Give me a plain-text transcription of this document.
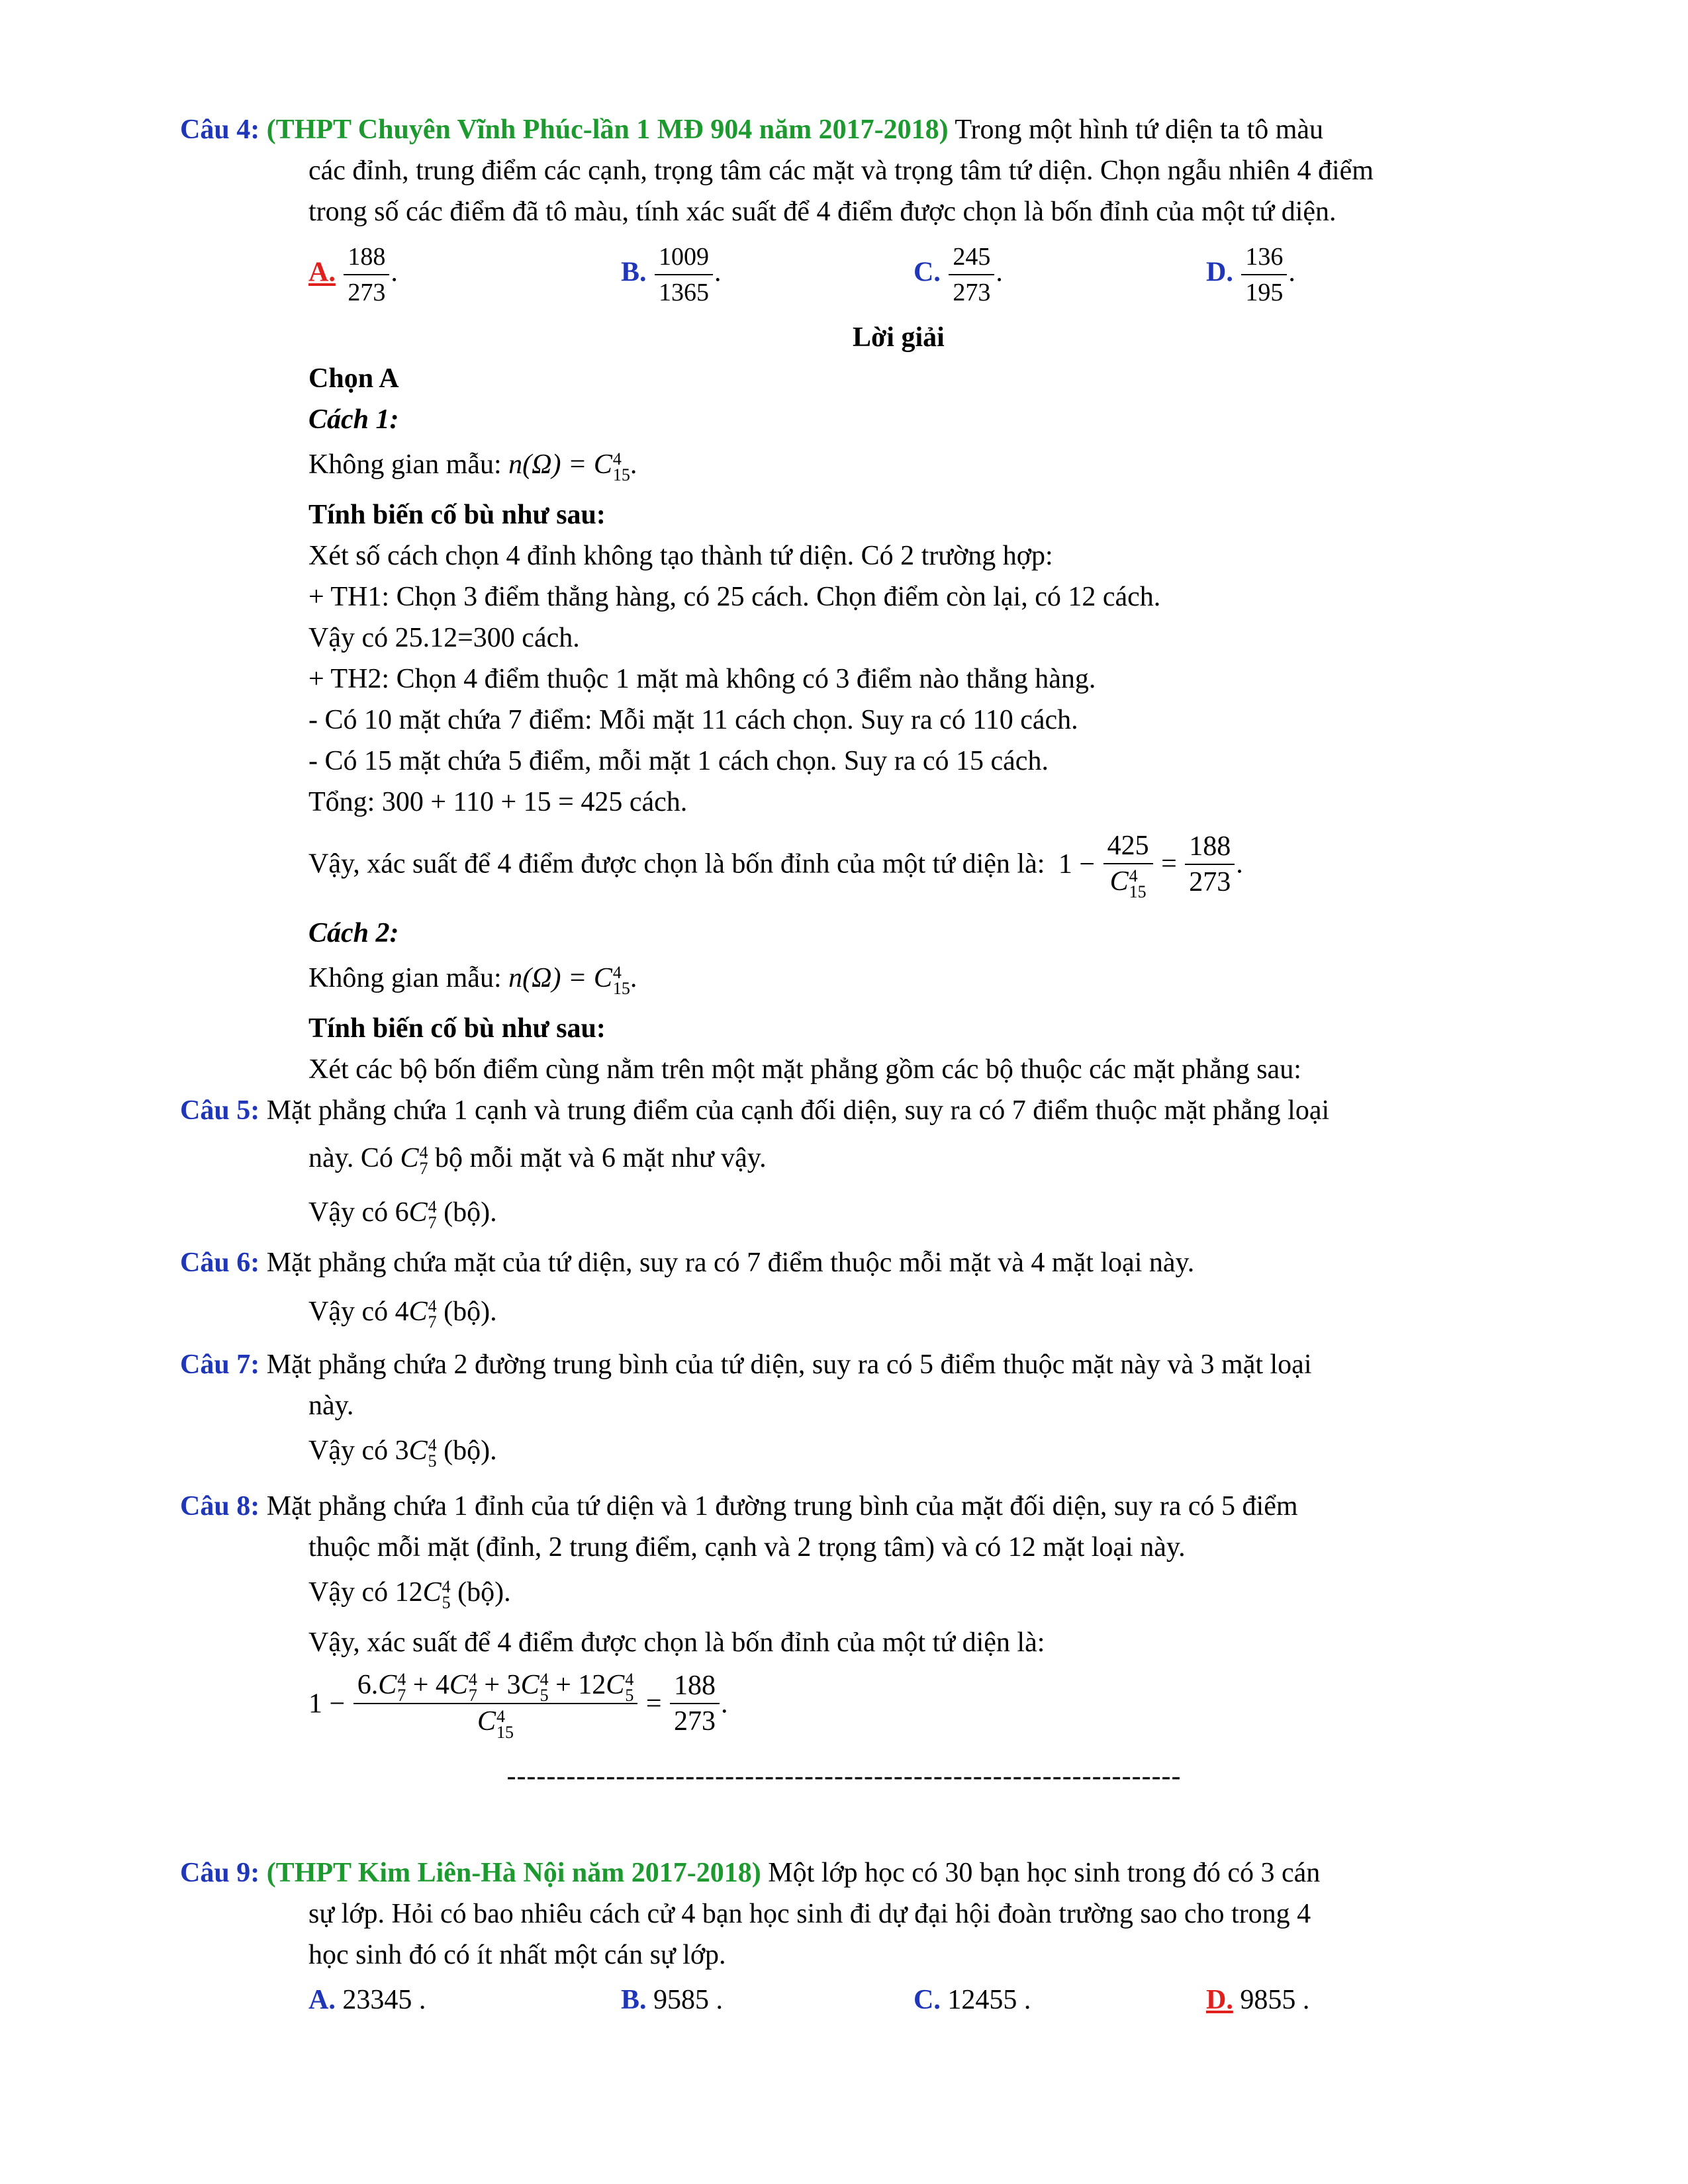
Câu 4: (THPT Chuyên Vĩnh Phúc-lần 1 MĐ 904 năm 2017-2018) Trong một hình tứ diện ta tô màu
các đỉnh, trung điểm các cạnh, trọng tâm các mặt và trọng tâm tứ diện. Chọn ngẫu nhiên 4 điểm
trong số các điểm đã tô màu, tính xác suất để 4 điểm được chọn là bốn đỉnh của một tứ diện.
A. $\frac{188}{273}$ .	B. $\frac{1009}{1365}$ .	C. $\frac{245}{273}$ .	D. $\frac{136}{195}$ .
Lời giải
Chọn A
Cách 1:
Không gian mẫu: n(Ω) = C 4
15 .
Tính biến cố bù như sau:
Xét số cách chọn 4 đỉnh không tạo thành tứ diện. Có 2 trường hợp:
+ TH1: Chọn 3 điểm thẳng hàng, có 25 cách. Chọn điểm còn lại, có 12 cách.
Vậy có 25.12=300 cách.
+ TH2: Chọn 4 điểm thuộc 1 mặt mà không có 3 điểm nào thẳng hàng.
- Có 10 mặt chứa 7 điểm: Mỗi mặt 11 cách chọn. Suy ra có 110 cách.
- Có 15 mặt chứa 5 điểm, mỗi mặt 1 cách chọn. Suy ra có 15 cách.
Tổng: 300 + 110 + 15 = 425 cách.
Vậy, xác suất để 4 điểm được chọn là bốn đỉnh của một tứ diện là: 1 − 425
C 4
$15 = \frac{188}{273}$ .
Cách 2:
Không gian mẫu: n(Ω) = C 4
15 .
Tính biến cố bù như sau:
Xét các bộ bốn điểm cùng nằm trên một mặt phẳng gồm các bộ thuộc các mặt phẳng sau:
Câu 5: Mặt phẳng chứa 1 cạnh và trung điểm của cạnh đối diện, suy ra có 7 điểm thuộc mặt phẳng loại
này. Có C 4
7 bộ mỗi mặt và 6 mặt như vậy.
Vậy có 6C 4
7 (bộ).
Câu 6: Mặt phẳng chứa mặt của tứ diện, suy ra có 7 điểm thuộc mỗi mặt và 4 mặt loại này.
Vậy có 4C 4
7 (bộ).
Câu 7: Mặt phẳng chứa 2 đường trung bình của tứ diện, suy ra có 5 điểm thuộc mặt này và 3 mặt loại
này.
Vậy có 3C 4
5 (bộ).
Câu 8: Mặt phẳng chứa 1 đỉnh của tứ diện và 1 đường trung bình của mặt đối diện, suy ra có 5 điểm
thuộc mỗi mặt (đỉnh, 2 trung điểm, cạnh và 2 trọng tâm) và có 12 mặt loại này.
Vậy có 12C 4
5 (bộ).
Vậy, xác suất để 4 điểm được chọn là bốn đỉnh của một tứ diện là:
1 −
6.C 4
7 + 4C 4
7 + 3C 4
5 + 12C 4
5
C 4
15
= $\frac{188}{273}$ .
--------------------------------------------------------------------
Câu 9: (THPT Kim Liên-Hà Nội năm 2017-2018) Một lớp học có 30 bạn học sinh trong đó có 3 cán
sự lớp. Hỏi có bao nhiêu cách cử 4 bạn học sinh đi dự đại hội đoàn trường sao cho trong 4
học sinh đó có ít nhất một cán sự lớp.
A. 23345 .	B. 9585 .	C. 12455 .	D. 9855 .
